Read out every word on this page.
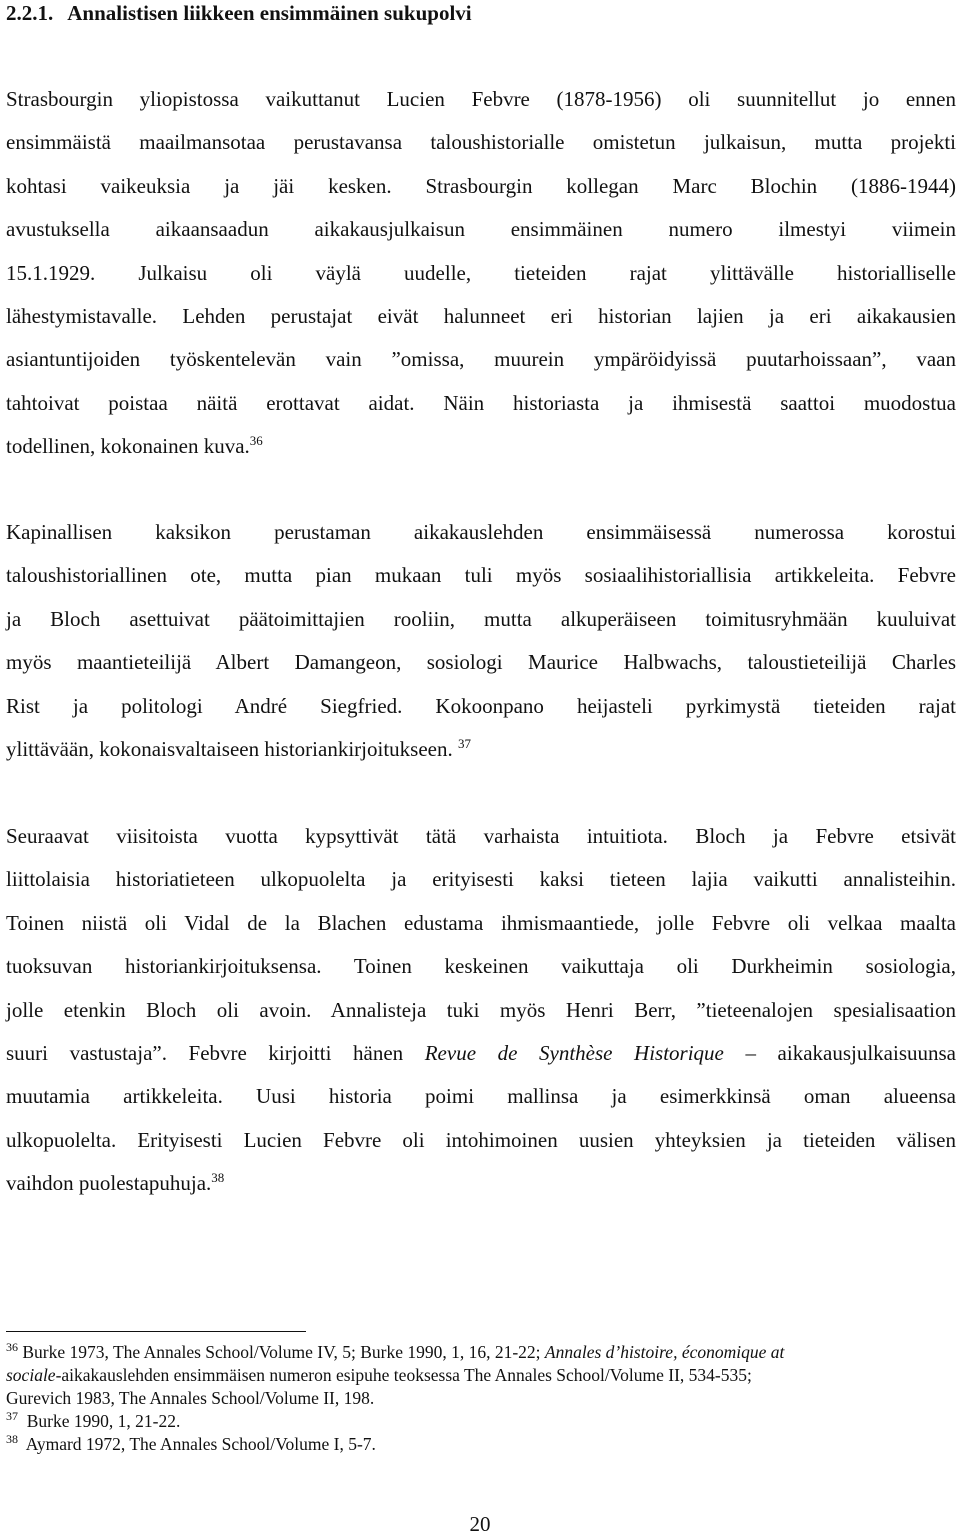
2.2.1. Annalistisen liikkeen ensimmäinen sukupolvi
Strasbourgin yliopistossa vaikuttanut Lucien Febvre (1878-1956) oli suunnitellut jo ennen
ensimmäistä maailmansotaa perustavansa taloushistorialle omistetun julkaisun, mutta projekti
kohtasi vaikeuksia ja jäi kesken. Strasbourgin kollegan Marc Blochin (1886-1944)
avustuksella aikaansaadun aikakausjulkaisun ensimmäinen numero ilmestyi viimein
15.1.1929. Julkaisu oli väylä uudelle, tieteiden rajat ylittävälle historialliselle
lähestymistavalle. Lehden perustajat eivät halunneet eri historian lajien ja eri aikakausien
asiantuntijoiden työskentelevän vain ”omissa, muurein ympäröidyissä puutarhoissaan”, vaan
tahtoivat poistaa näitä erottavat aidat. Näin historiasta ja ihmisestä saattoi muodostua
todellinen, kokonainen kuva.$^{36}$
Kapinallisen kaksikon perustaman aikakauslehden ensimmäisessä numerossa korostui
taloushistoriallinen ote, mutta pian mukaan tuli myös sosiaalihistoriallisia artikkeleita. Febvre
ja Bloch asettuivat päätoimittajien rooliin, mutta alkuperäiseen toimitusryhmään kuuluivat
myös maantieteilijä Albert Damangeon, sosiologi Maurice Halbwachs, taloustieteilijä Charles
Rist ja politologi André Siegfried. Kokoonpano heijasteli pyrkimystä tieteiden rajat
ylittävään, kokonaisvaltaiseen historiankirjoitukseen. $^{37}$
Seuraavat viisitoista vuotta kypsyttivät tätä varhaista intuitiota. Bloch ja Febvre etsivät
liittolaisia historiatieteen ulkopuolelta ja erityisesti kaksi tieteen lajia vaikutti annalisteihin.
Toinen niistä oli Vidal de la Blachen edustama ihmismaantiede, jolle Febvre oli velkaa maalta
tuoksuvan historiankirjoituksensa. Toinen keskeinen vaikuttaja oli Durkheimin sosiologia,
jolle etenkin Bloch oli avoin. Annalisteja tuki myös Henri Berr, ”tieteenalojen spesialisaation
suuri vastustaja”. Febvre kirjoitti hänen Revue de Synthèse Historique – aikakausjulkaisuunsa
muutamia artikkeleita. Uusi historia poimi mallinsa ja esimerkkinsä oman alueensa
ulkopuolelta. Erityisesti Lucien Febvre oli intohimoinen uusien yhteyksien ja tieteiden välisen
vaihdon puolestapuhuja.$^{38}$
$^{36}$ Burke 1973, The Annales School/Volume IV, 5; Burke 1990, 1, 16, 21-22; Annales d’histoire, économique at
sociale-aikakauslehden ensimmäisen numeron esipuhe teoksessa The Annales School/Volume II, 534-535;
Gurevich 1983, The Annales School/Volume II, 198.
$^{37}$ Burke 1990, 1, 21-22.
$^{38}$ Aymard 1972, The Annales School/Volume I, 5-7.
20
